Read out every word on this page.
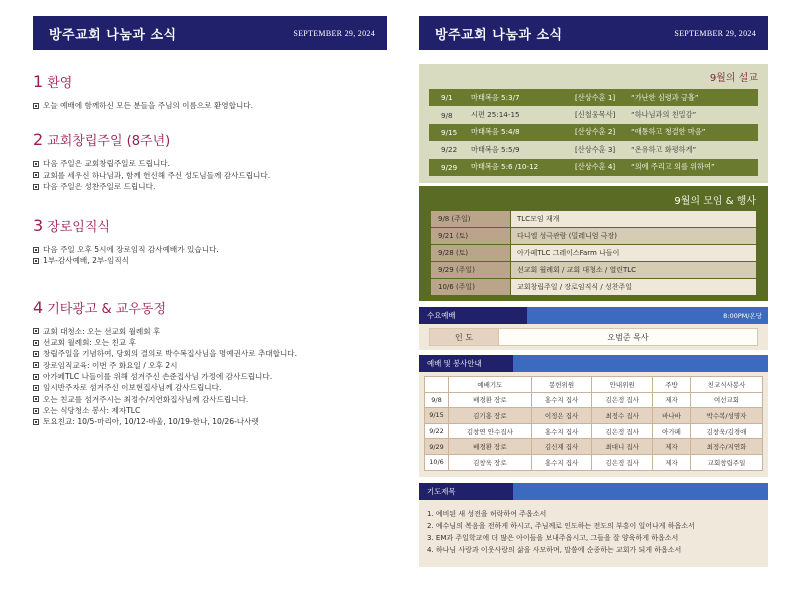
방주교회 나눔과 소식	SEPTEMBER 29, 2024
1 환영
오늘 예배에 함께하신 모든 분들을 주님의 이름으로 환영합니다.
2 교회창립주일 (8주년)
다음 주일은 교회창립주일로 드립니다.
교회를 세우신 하나님과, 함께 헌신해 주신 성도님들께 감사드립니다.
다음 주일은 성찬주일로 드립니다.
3 장로임직식
다음 주일 오후 5시에 장로임직 감사예배가 있습니다.
1부-감사예배, 2부-임직식
4 기타광고 & 교우동정
교회 대청소: 오는 선교회 월례회 후
선교회 월례회: 오는 친교 후
창립주일을 기념하여, 당회의 결의로 박수복집사님을 명예권사로 추대합니다.
장로임직교육: 이번 주 화요일 / 오후 2시
아가페TLC 나들이를 위해 섬겨주신 손준집사님 가정에 감사드립니다.
임시반주자로 섬겨주신 이보현집사님께 감사드립니다.
오는 친교를 섬겨주시는 최정수/지연화집사님께 감사드립니다.
오는 식당청소 봉사: 제자TLC
토요친교: 10/5-마리아, 10/12-바울, 10/19-한나, 10/26-나사렛
방주교회 나눔과 소식	SEPTEMBER 29, 2024
9월의 설교
9/1	마태복음 5:3/7	[산상수훈 1]	“가난한 심령과 긍휼”
9/8	시편 25:14-15	[신철웅목사]	“하나님과의 친밀감”
9/15	마태복음 5:4/8	[산상수훈 2]	“애통하고 청결한 마음”
9/22	마태복음 5:5/9	[산상수훈 3]	“온유하고 화평하게”
9/29	마태복음 5:6 /10-12	[산상수훈 4]	“의에 주리고 의를 위하여”
9월의 모임 & 행사
9/8 (주일)	TLC모임 재개
9/21 (토)	다니엘 성극관람 (밀레니엄 극장)
9/28 (토)	아가페TLC 그레이스Farm 나들이
9/29 (주일)	선교회 월례회 / 교회 대청소 / 열린TLC
10/6 (주일)	교회창립주일 / 장로임직식 / 성찬주일
수요예배	8:00PM/온당
인 도	오범준 목사
예배 및 봉사안내
	예배기도	봉헌위원	안내위원	주방	친교식사봉사
9/8	배경환 장로	홍수지 집사	김은정 집사	제자	여선교회
9/15	김기홍 장로	이정은 집사	최정수 집사	바나바	박수복/성명자
9/22	김창연 안수집사	홍수지 집사	김은정 집사	아가페	김창욱/김경애
9/29	배경환 장로	김신재 집사	최대니 집사	제자	최정수/지연화
10/6	김창욱 장로	홍수지 집사	김은정 집사	제자	교회창립주일
기도제목
1. 예비된 새 성전을 허락하여 주옵소서
2. 예수님의 복음을 전하게 하시고, 주님께로 인도하는 전도의 부흥이 일어나게 하옵소서
3. EM과 주일학교에 더 많은 아이들을 보내주옵시고, 그들을 잘 양육하게 하옵소서
4. 하나님 사랑과 이웃사랑의 삶을 사모하며, 말씀에 순종하는 교회가 되게 하옵소서
